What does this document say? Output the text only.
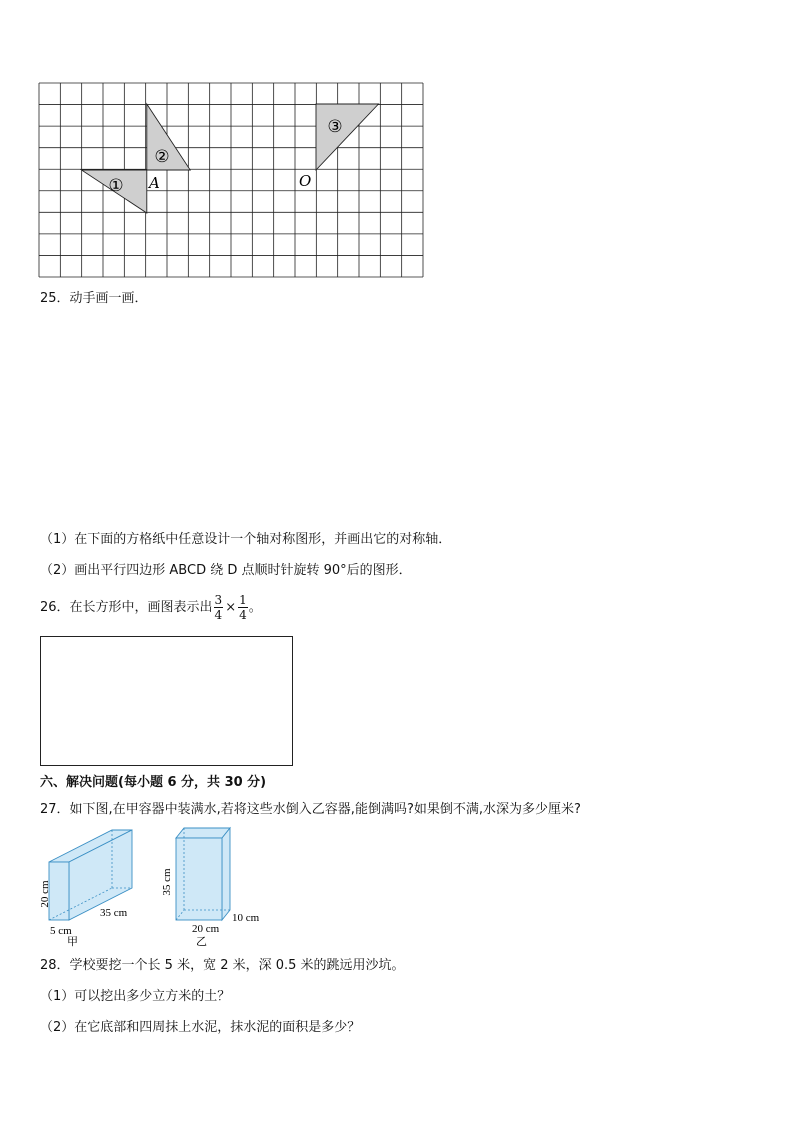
①
②
③
A	O
25．动手画一画．
（1）在下面的方格纸中任意设计一个轴对称图形，并画出它的对称轴．
（2）画出平行四边形 ABCD 绕 D 点顺时针旋转 90°后的图形．
26．在长方形中，画图表示出 $\frac{3}{4} \times \frac{1}{4}$ 。
六、解决问题(每小题 6 分，共 30 分)
27．如下图,在甲容器中装满水,若将这些水倒入乙容器,能倒满吗?如果倒不满,水深为多少厘米?
20 cm
35 cm
5 cm
甲
35 cm
20 cm
10 cm
乙
28．学校要挖一个长 5 米，宽 2 米，深 0.5 米的跳远用沙坑。
（1）可以挖出多少立方米的土？
（2）在它底部和四周抹上水泥，抹水泥的面积是多少？
